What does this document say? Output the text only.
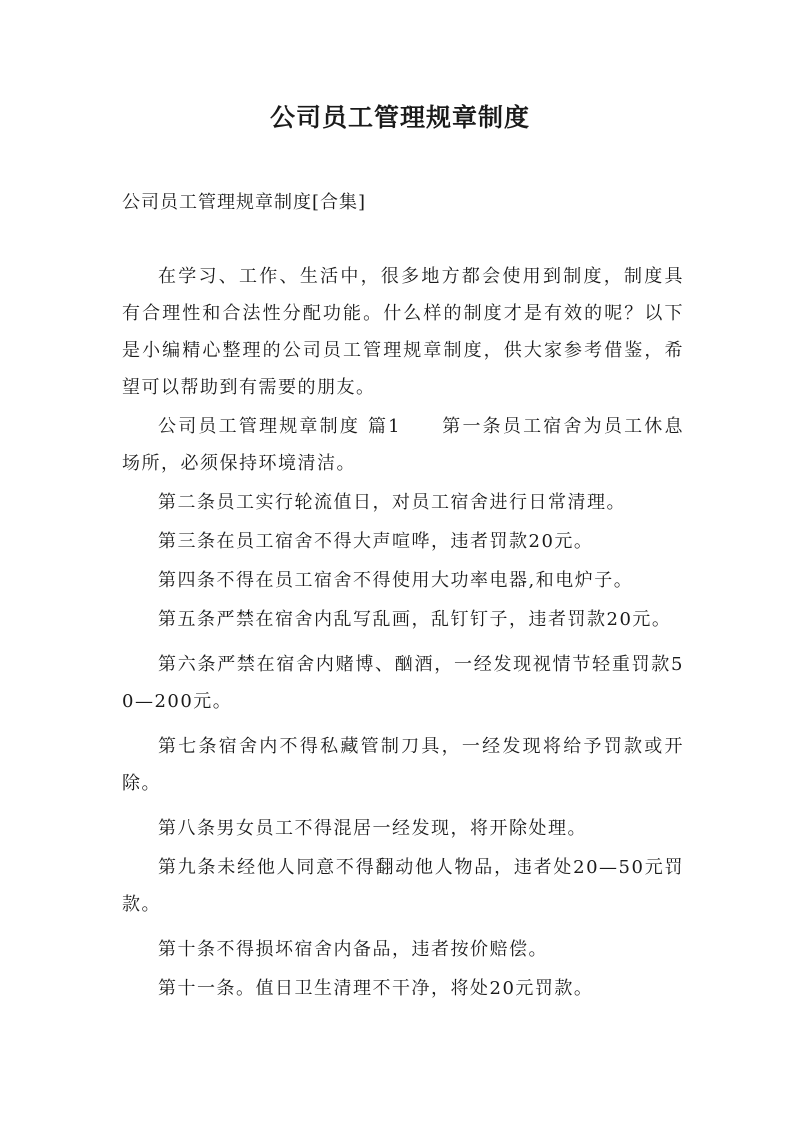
公司员工管理规章制度
公司员工管理规章制度[合集]

在学习、工作、生活中，很多地方都会使用到制度，制度具有合理性和合法性分配功能。什么样的制度才是有效的呢？以下是小编精心整理的公司员工管理规章制度，供大家参考借鉴，希望可以帮助到有需要的朋友。

公司员工管理规章制度 篇1　　第一条员工宿舍为员工休息场所，必须保持环境清洁。

第二条员工实行轮流值日，对员工宿舍进行日常清理。

第三条在员工宿舍不得大声喧哗，违者罚款20元。

第四条不得在员工宿舍不得使用大功率电器,和电炉子。

第五条严禁在宿舍内乱写乱画，乱钉钉子，违者罚款20元。

第六条严禁在宿舍内赌博、酗酒，一经发现视情节轻重罚款50—200元。

第七条宿舍内不得私藏管制刀具，一经发现将给予罚款或开除。

第八条男女员工不得混居一经发现，将开除处理。

第九条未经他人同意不得翻动他人物品，违者处20—50元罚款。

第十条不得损坏宿舍内备品，违者按价赔偿。

第十一条。值日卫生清理不干净，将处20元罚款。
